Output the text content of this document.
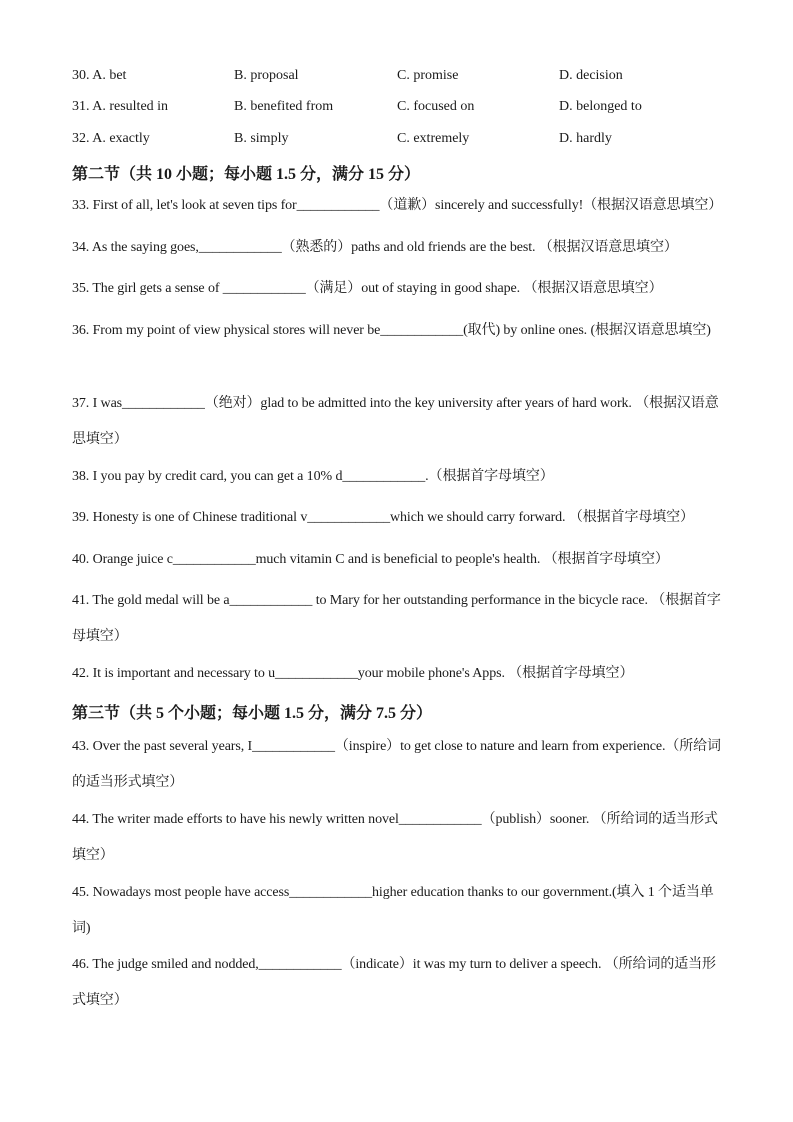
30. A. bet	B. proposal	C. promise	D. decision
31. A. resulted in	B. benefited from	C. focused on	D. belonged to
32. A. exactly	B. simply	C. extremely	D. hardly
第二节（共 10 小题；每小题 1.5 分，满分 15 分）
33. First of all, let's look at seven tips for____________（道歉）sincerely and successfully!（根据汉语意思填空）
34. As the saying goes,____________（熟悉的）paths and old friends are the best. （根据汉语意思填空）
35. The girl gets a sense of ____________（满足）out of staying in good shape. （根据汉语意思填空）
36. From my point of view physical stores will never be____________(取代) by online ones. (根据汉语意思填空)
37. I was____________（绝对）glad to be admitted into the key university after years of hard work. （根据汉语意思填空）
38. I you pay by credit card, you can get a 10% d____________.（根据首字母填空）
39. Honesty is one of Chinese traditional v____________which we should carry forward. （根据首字母填空）
40. Orange juice c____________much vitamin C and is beneficial to people's health. （根据首字母填空）
41. The gold medal will be a____________ to Mary for her outstanding performance in the bicycle race. （根据首字母填空）
42. It is important and necessary to u____________your mobile phone's Apps. （根据首字母填空）
第三节（共 5 个小题；每小题 1.5 分，满分 7.5 分）
43. Over the past several years, I____________（inspire）to get close to nature and learn from experience.（所给词的适当形式填空）
44. The writer made efforts to have his newly written novel____________（publish）sooner. （所给词的适当形式填空）
45. Nowadays most people have access____________higher education thanks to our government.(填入 1 个适当单词)
46. The judge smiled and nodded,____________（indicate）it was my turn to deliver a speech. （所给词的适当形式填空）
